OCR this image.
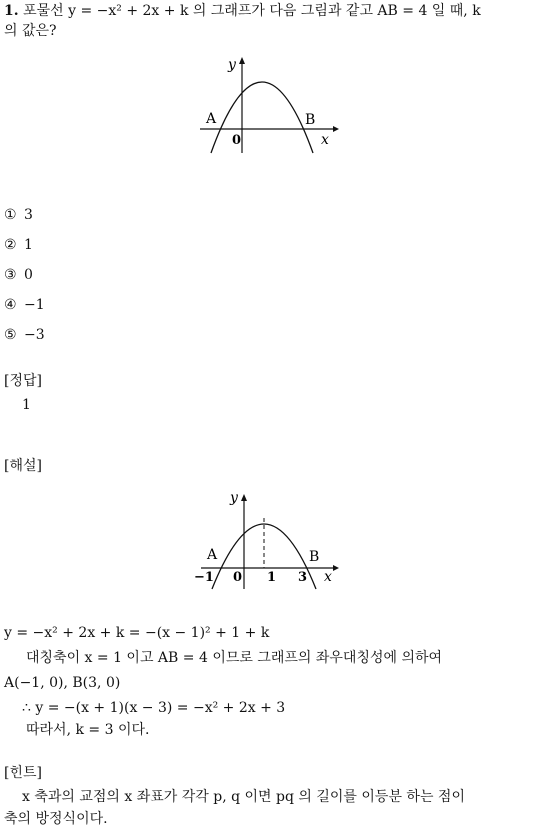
1. 포물선 y = −x² + 2x + k 의 그래프가 다음 그림과 같고 AB = 4 일 때, k
의 값은?
y
x
0
A	B
① 3
② 1
③ 0
④ −1
⑤ −3
[정답]
1
[해설]
y
x
0
A	B
−1	1 3
y = −x² + 2x + k = −(x − 1)² + 1 + k
대칭축이 x = 1 이고 AB = 4 이므로 그래프의 좌우대칭성에 의하여
A(−1, 0), B(3, 0)
∴ y = −(x + 1)(x − 3) = −x² + 2x + 3
따라서, k = 3 이다.
[힌트]
x 축과의 교점의 x 좌표가 각각 p, q 이면 pq 의 길이를 이등분 하는 점이
축의 방정식이다.
